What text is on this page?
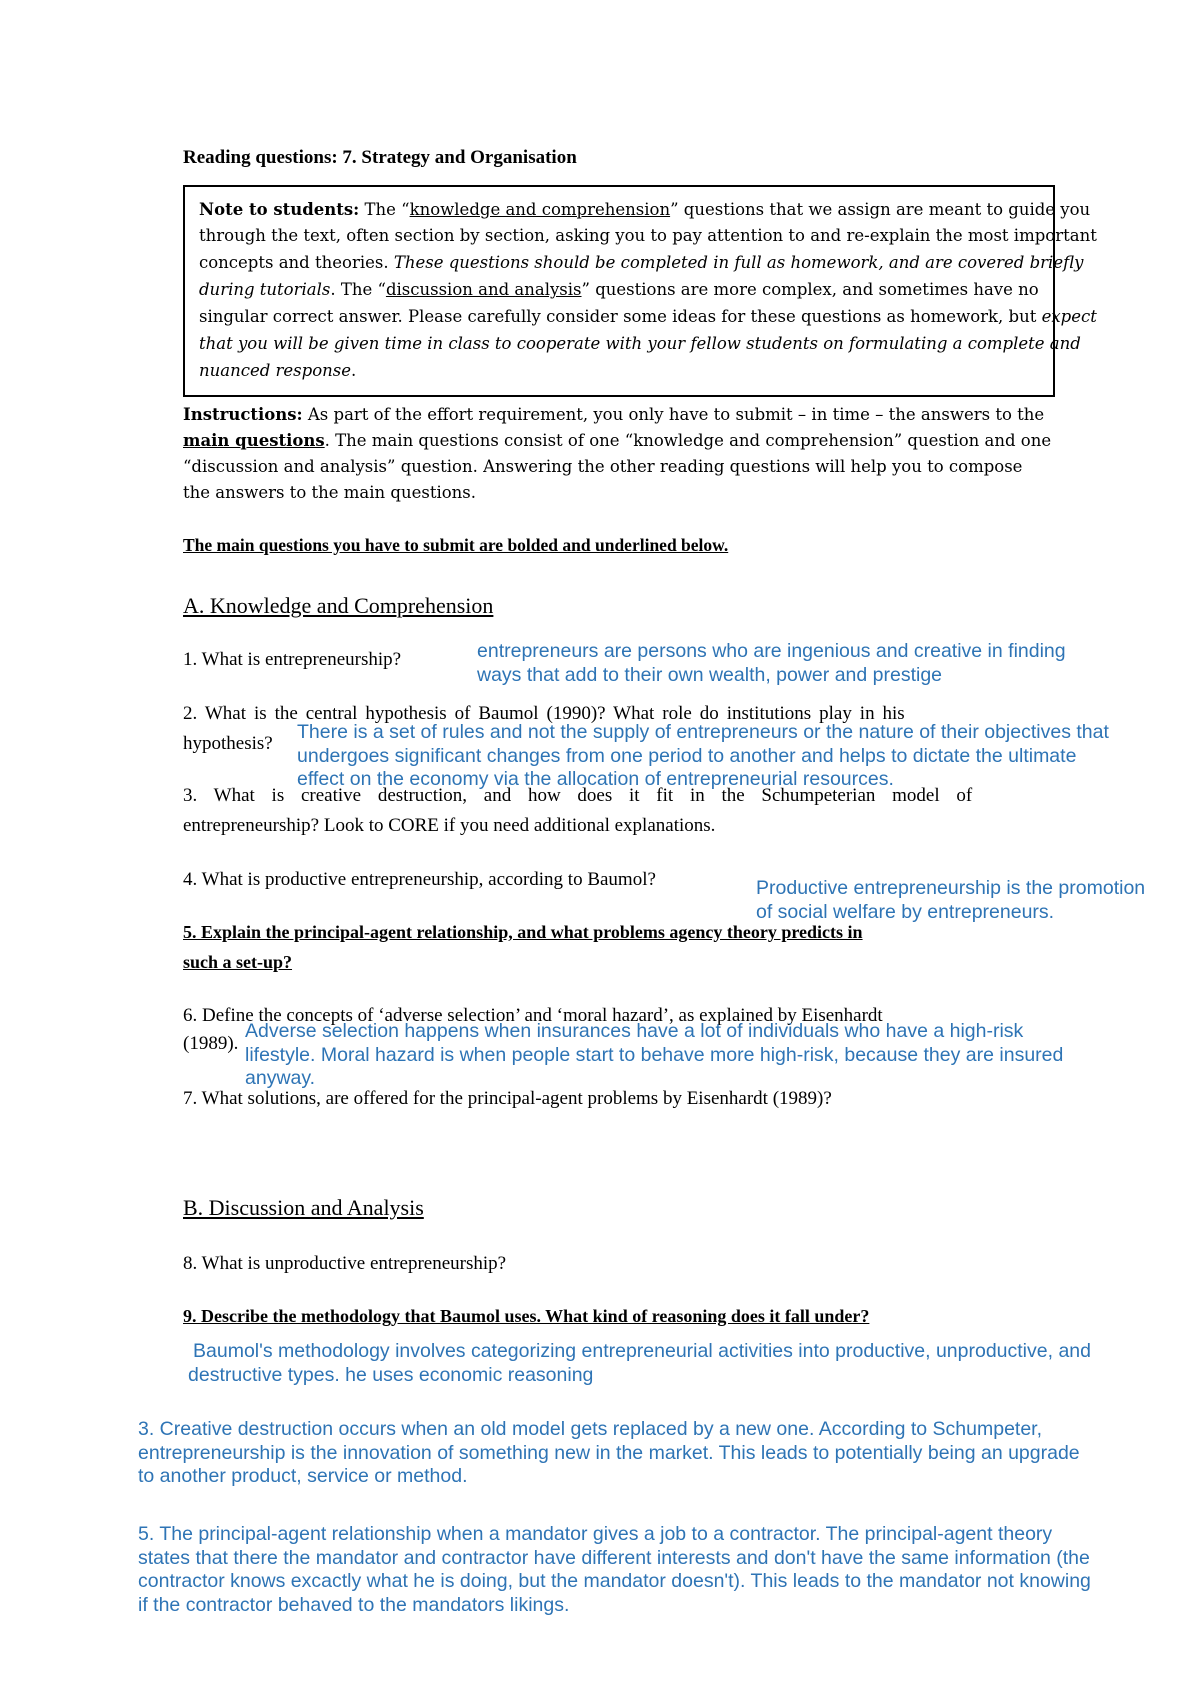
Reading questions: 7. Strategy and Organisation
Note to students: The “knowledge and comprehension” questions that we assign are meant to guide you
through the text, often section by section, asking you to pay attention to and re-explain the most important
concepts and theories. These questions should be completed in full as homework, and are covered briefly
during tutorials. The “discussion and analysis” questions are more complex, and sometimes have no
singular correct answer. Please carefully consider some ideas for these questions as homework, but expect
that you will be given time in class to cooperate with your fellow students on formulating a complete and
nuanced response.
Instructions: As part of the effort requirement, you only have to submit – in time – the answers to the
main questions. The main questions consist of one “knowledge and comprehension” question and one
“discussion and analysis” question. Answering the other reading questions will help you to compose
the answers to the main questions.
The main questions you have to submit are bolded and underlined below.
A. Knowledge and Comprehension
1. What is entrepreneurship?	entrepreneurs are persons who are ingenious and creative in finding
ways that add to their own wealth, power and prestige
2. What is the central hypothesis of Baumol (1990)? What role do institutions play in his
hypothesis?
There is a set of rules and not the supply of entrepreneurs or the nature of their objectives that
undergoes significant changes from one period to another and helps to dictate the ultimate
effect on the economy via the allocation of entrepreneurial resources.
3. What is creative destruction, and how does it fit in the Schumpeterian model of
entrepreneurship? Look to CORE if you need additional explanations.
4. What is productive entrepreneurship, according to Baumol?	Productive entrepreneurship is the promotion
of social welfare by entrepreneurs.
5. Explain the principal-agent relationship, and what problems agency theory predicts in
such a set-up?
6. Define the concepts of ‘adverse selection’ and ‘moral hazard’, as explained by Eisenhardt
(1989).
Adverse selection happens when insurances have a lot of individuals who have a high-risk
lifestyle. Moral hazard is when people start to behave more high-risk, because they are insured
anyway.
7. What solutions, are offered for the principal-agent problems by Eisenhardt (1989)?
B. Discussion and Analysis
8. What is unproductive entrepreneurship?
9. Describe the methodology that Baumol uses. What kind of reasoning does it fall under?
Baumol's methodology involves categorizing entrepreneurial activities into productive, unproductive, and
destructive types. he uses economic reasoning
3. Creative destruction occurs when an old model gets replaced by a new one. According to Schumpeter,
entrepreneurship is the innovation of something new in the market. This leads to potentially being an upgrade
to another product, service or method.
5. The principal-agent relationship when a mandator gives a job to a contractor. The principal-agent theory
states that there the mandator and contractor have different interests and don't have the same information (the
contractor knows excactly what he is doing, but the mandator doesn't). This leads to the mandator not knowing
if the contractor behaved to the mandators likings.
